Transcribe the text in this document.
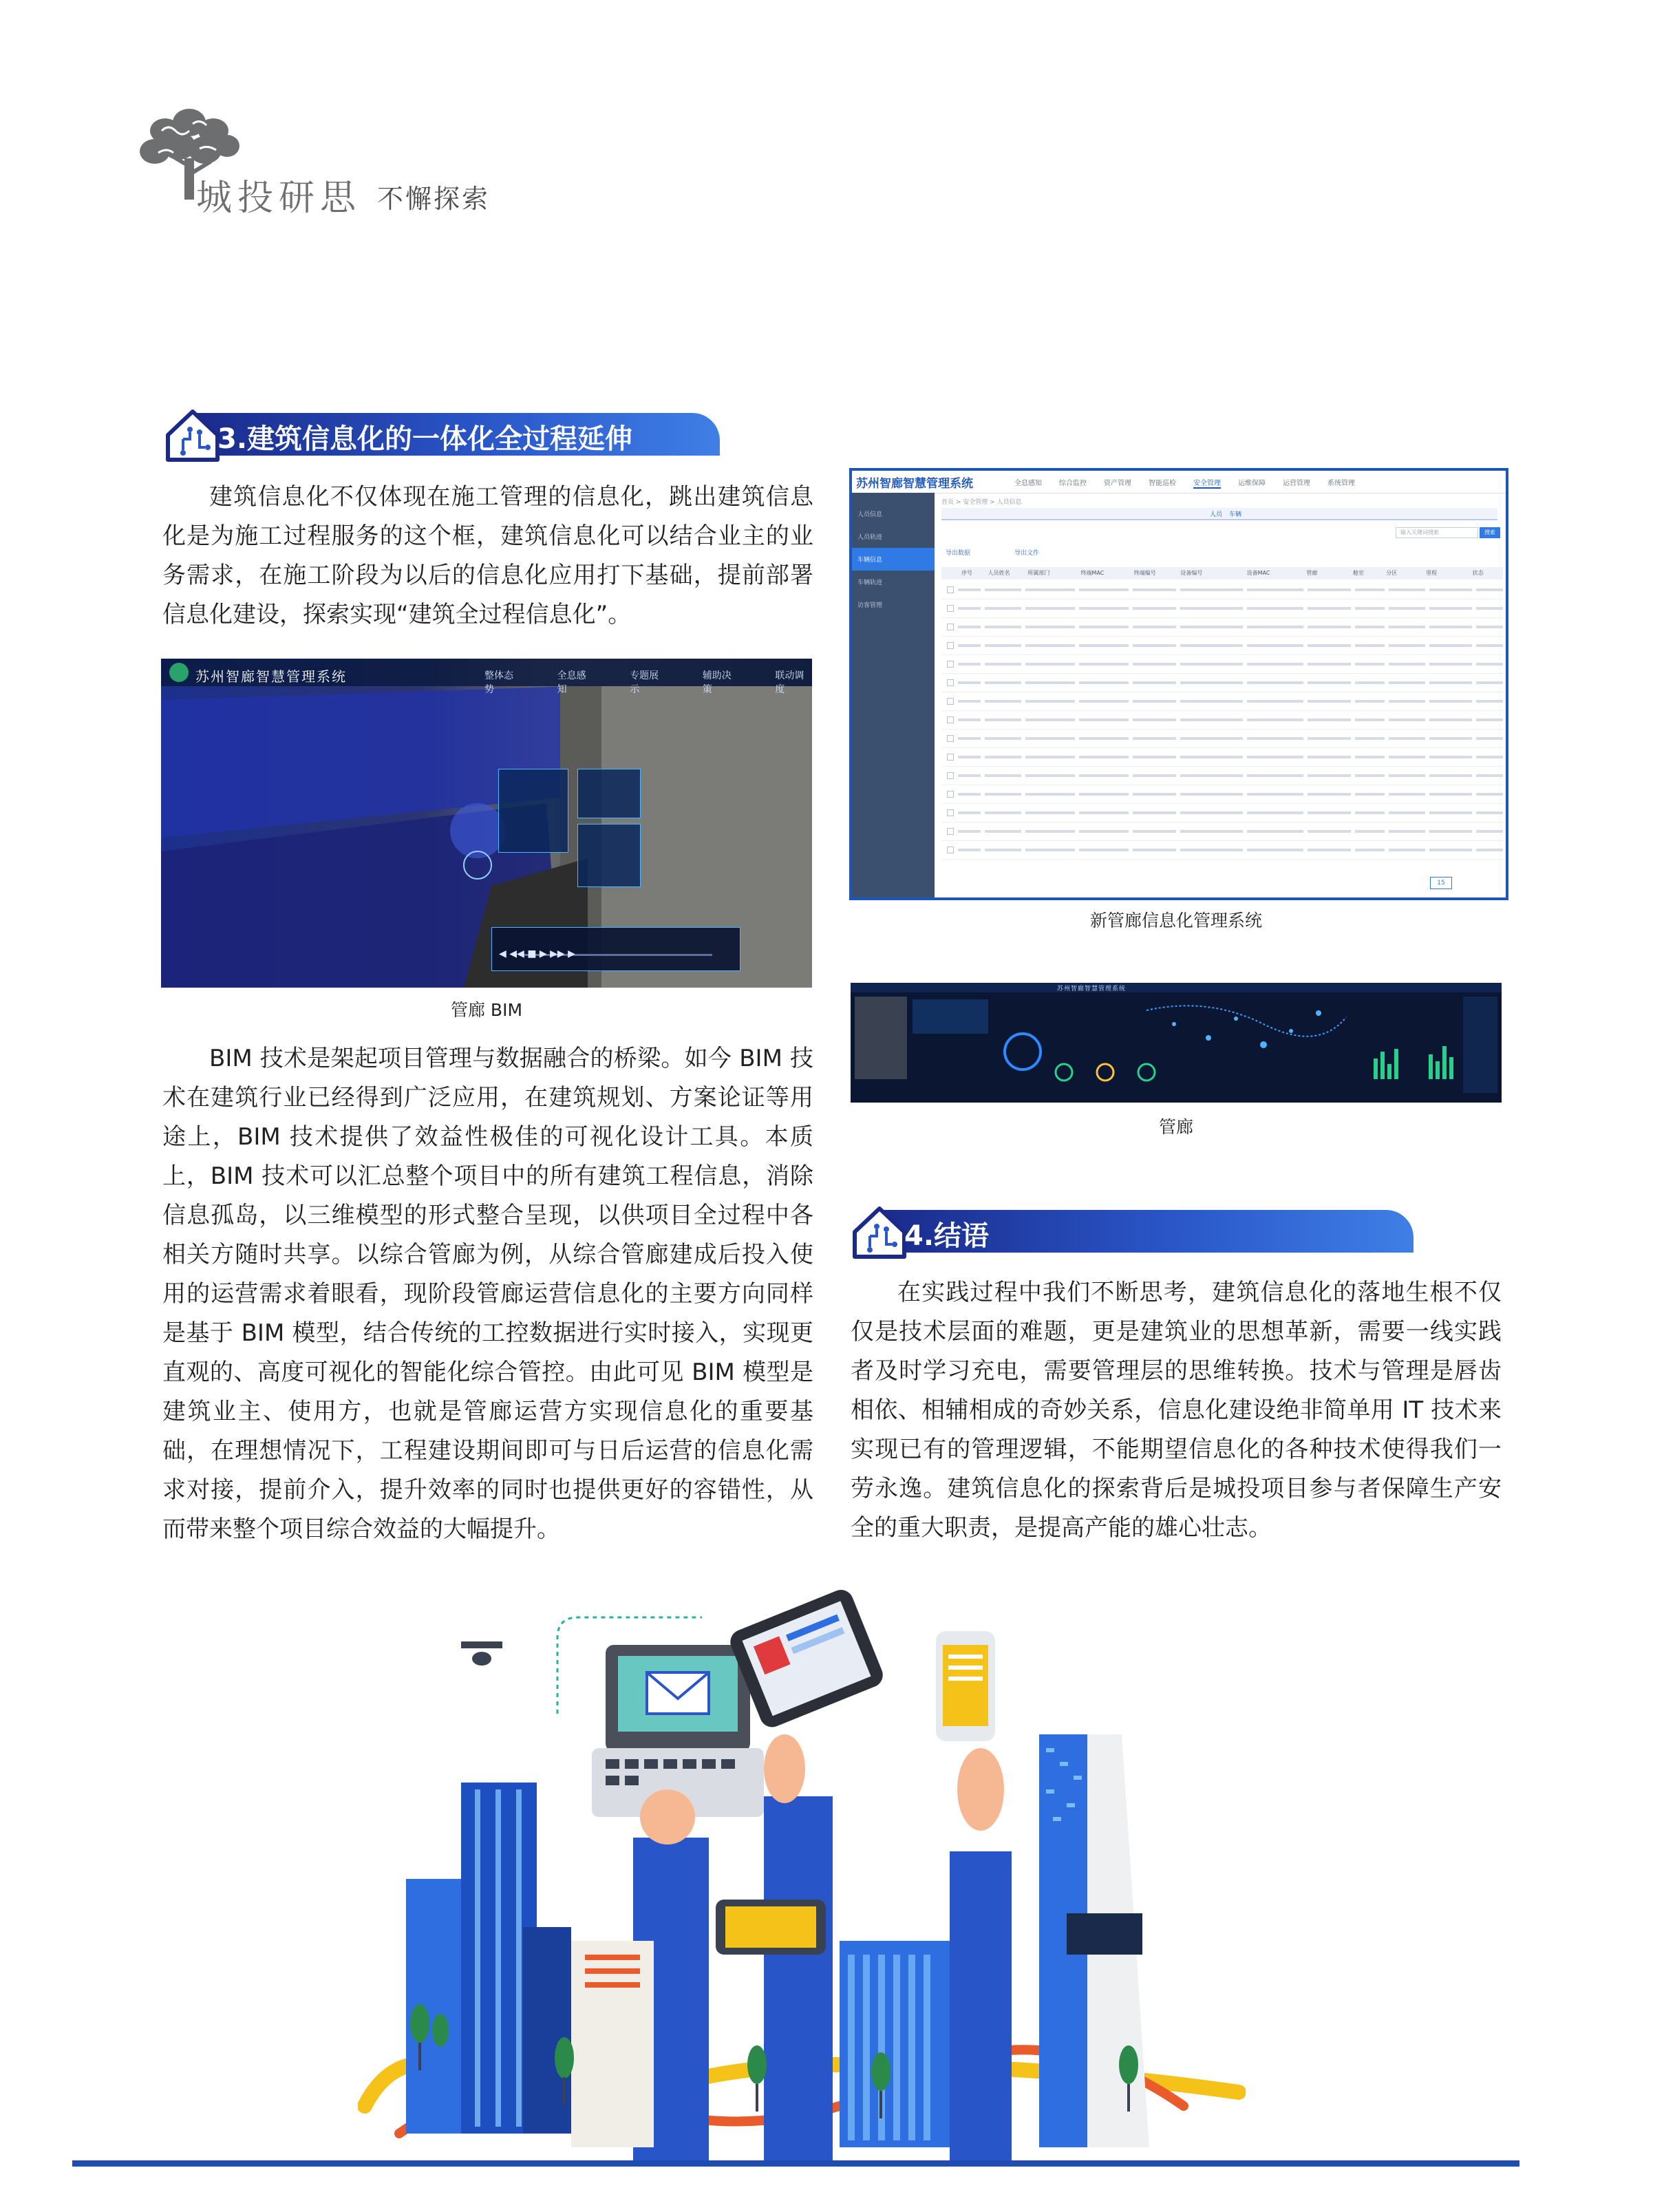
城投研思 不懈探索
3.建筑信息化的一体化全过程延伸

建筑信息化不仅体现在施工管理的信息化，跳出建筑信息化是为施工过程服务的这个框，建筑信息化可以结合业主的业务需求，在施工阶段为以后的信息化应用打下基础，提前部署信息化建设，探索实现“建筑全过程信息化”。

苏州智廊智慧管理系统	整体态势
全息感知
专题展示
辅助决策
联动调度
◀ ◀◀ ■ ▶ ▶▶ ▶
管廊 BIM

BIM 技术是架起项目管理与数据融合的桥梁。如今 BIM 技术在建筑行业已经得到广泛应用，在建筑规划、方案论证等用途上，BIM 技术提供了效益性极佳的可视化设计工具。本质上，BIM 技术可以汇总整个项目中的所有建筑工程信息，消除信息孤岛，以三维模型的形式整合呈现，以供项目全过程中各相关方随时共享。以综合管廊为例，从综合管廊建成后投入使用的运营需求着眼看，现阶段管廊运营信息化的主要方向同样是基于 BIM 模型，结合传统的工控数据进行实时接入，实现更直观的、高度可视化的智能化综合管控。由此可见 BIM 模型是建筑业主、使用方，也就是管廊运营方实现信息化的重要基础，在理想情况下，工程建设期间即可与日后运营的信息化需求对接，提前介入，提升效率的同时也提供更好的容错性，从而带来整个项目综合效益的大幅提升。

苏州智廊智慧管理系统	全息感知	综合监控	资产管理	智能巡检	安全管理	运维保障	运营管理	系统管理
人员信息
人员轨迹
车辆信息
车辆轨迹
访客管理
首页 > 安全管理 > 人员信息
人员 车辆
输入关键词搜索	搜索
导出数据	导出文件
序号	人员姓名	所属部门	终端MAC	终端编号	设备编号	设备MAC	管廊	舱室	分区	里程	状态
15
新管廊信息化管理系统
苏州智廊智慧管理系统
管廊
4.结语

在实践过程中我们不断思考，建筑信息化的落地生根不仅仅是技术层面的难题，更是建筑业的思想革新，需要一线实践者及时学习充电，需要管理层的思维转换。技术与管理是唇齿相依、相辅相成的奇妙关系，信息化建设绝非简单用 IT 技术来实现已有的管理逻辑，不能期望信息化的各种技术使得我们一劳永逸。建筑信息化的探索背后是城投项目参与者保障生产安全的重大职责，是提高产能的雄心壮志。
